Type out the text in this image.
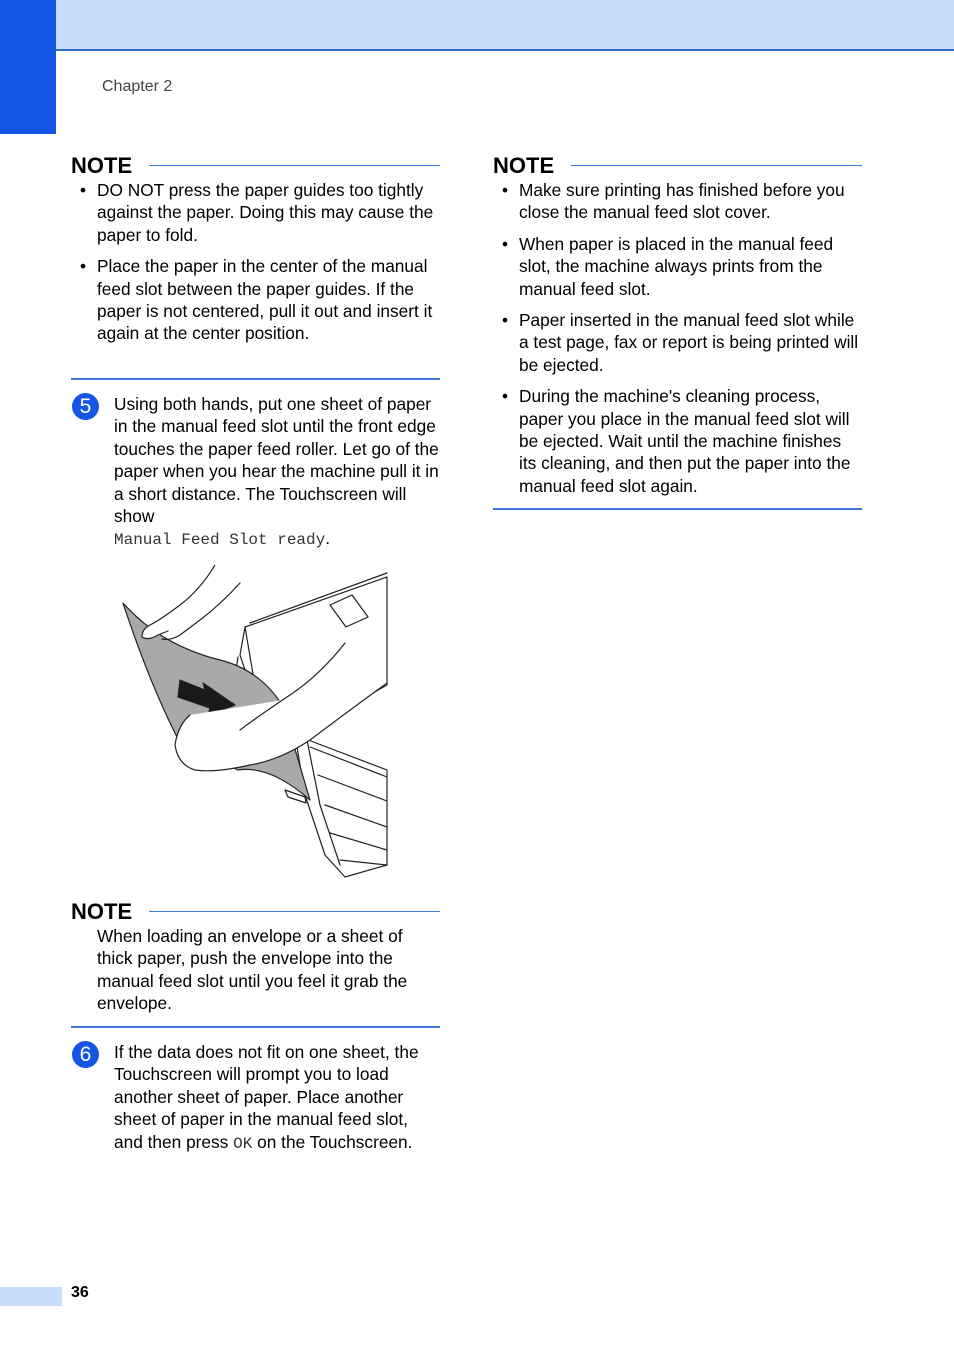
Chapter 2
NOTE
• DO NOT press the paper guides too tightly against the paper. Doing this may cause the paper to fold.
• Place the paper in the center of the manual feed slot between the paper guides. If the paper is not centered, pull it out and insert it again at the center position.
5	Using both hands, put one sheet of paper in the manual feed slot until the front edge touches the paper feed roller. Let go of the paper when you hear the machine pull it in a short distance. The Touchscreen will show
Manual Feed Slot ready.
NOTE

When loading an envelope or a sheet of thick paper, push the envelope into the manual feed slot until you feel it grab the envelope.

6	If the data does not fit on one sheet, the Touchscreen will prompt you to load another sheet of paper. Place another sheet of paper in the manual feed slot, and then press OK on the Touchscreen.
NOTE
• Make sure printing has finished before you close the manual feed slot cover.
• When paper is placed in the manual feed slot, the machine always prints from the manual feed slot.
• Paper inserted in the manual feed slot while a test page, fax or report is being printed will be ejected.
• During the machine's cleaning process, paper you place in the manual feed slot will be ejected. Wait until the machine finishes its cleaning, and then put the paper into the manual feed slot again.
36
